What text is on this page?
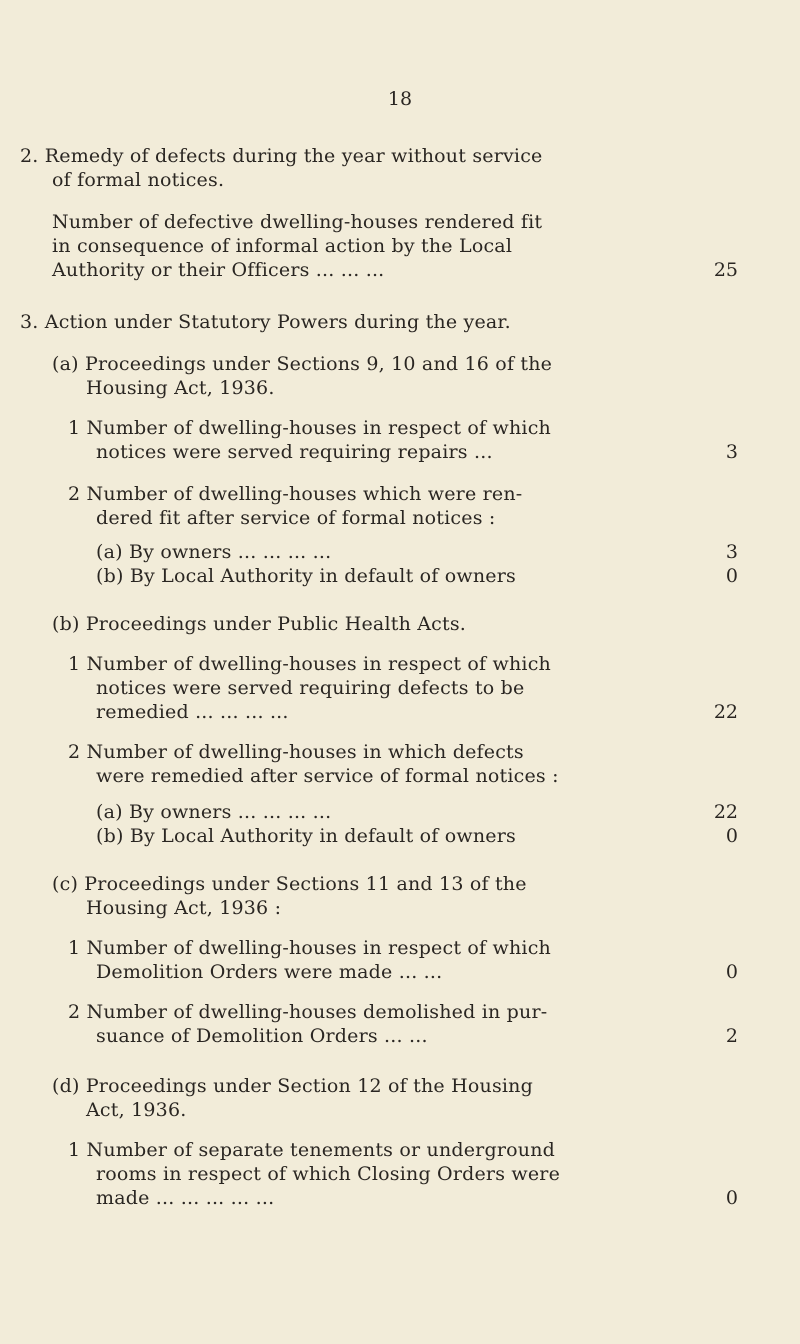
18
2. Remedy of defects during the year without service
of formal notices.
Number of defective dwelling-houses rendered fit
in consequence of informal action by the Local
Authority or their Officers ... ... ...	25
3. Action under Statutory Powers during the year.
(a) Proceedings under Sections 9, 10 and 16 of the
Housing Act, 1936.
1 Number of dwelling-houses in respect of which
notices were served requiring repairs ...	3
2 Number of dwelling-houses which were ren-
dered fit after service of formal notices :
(a) By owners ... ... ... ...	3
(b) By Local Authority in default of owners	0
(b) Proceedings under Public Health Acts.
1 Number of dwelling-houses in respect of which
notices were served requiring defects to be
remedied ... ... ... ...	22
2 Number of dwelling-houses in which defects
were remedied after service of formal notices :
(a) By owners ... ... ... ...	22
(b) By Local Authority in default of owners	0
(c) Proceedings under Sections 11 and 13 of the
Housing Act, 1936 :
1 Number of dwelling-houses in respect of which
Demolition Orders were made ... ...	0
2 Number of dwelling-houses demolished in pur-
suance of Demolition Orders ... ...	2
(d) Proceedings under Section 12 of the Housing
Act, 1936.
1 Number of separate tenements or underground
rooms in respect of which Closing Orders were
made ... ... ... ... ...	0
